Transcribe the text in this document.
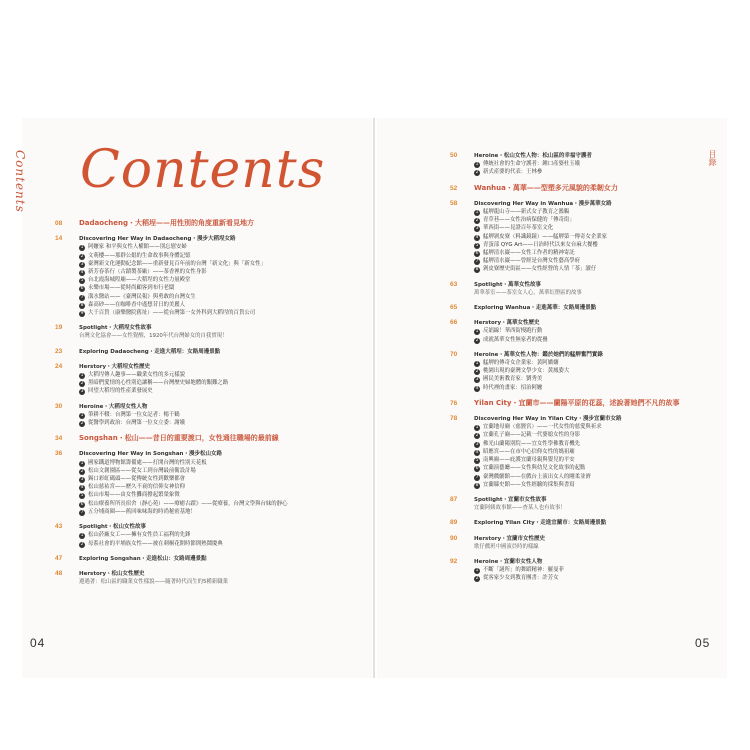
Contents	目錄
Contents
08	Dadaocheng・大稻埕——用性別的角度重新看見地方
14	Discovering Her Way in Dadaocheng・漫步大稻埕女路
1 阿嬤家 和平與女性人權館——別忘慰安婦
2 文萌樓——那群公娼的生命故事與身體記憶
3 臺灣新文化運動紀念館——重新發見百年前的台灣「新文化」與「新女性」
4 新芳春茶行（古蹟製茶廠）——茶香裡的女性身影
5 台北霞海城隍廟——大稻埕的女性力量殿堂
6 永樂市場——從時尚顧客到布行老闆
7 潢水醫站——《臺灣民報》與勇敢的台灣女生
8 森高砂——在咖啡香中遙想昔日的美麗人
9 大千百貨（康樂醫院舊址）——從台灣第一女外科到大稻埕的百貨公司
19	Spotlight・大稻埕女性故事
台灣文化協會——女性覺醒，1920年代台灣婦女的自我實現！
23	Exploring Dadaocheng・走進大稻埕：女路周邊景點
24	Herstory・大稻埕女性歷史
1 大稻埕傳人趣事——職業女性的多元樣貌
2 黑暗們愛情的心性別追讓稱——台灣歷史婦地體的艱難之路
3 回望大稻埕的性產業發展史
30	Heroine・大稻埕女性人物
1 筆耕不輟：台灣第一位女記者：楊千鶴
2 從醫學到政治：台灣第一位女立委：謝娥
34	Songshan・松山——昔日的重要渡口，女性通往職場的最前線
36	Discovering Her Way in Songshan・漫步松山女路
1 國家鐵道博物館籌備處——打開台灣的性別天花板
2 松山文創園區——從女工到台灣最前衛設計場
3 錫口彩虹碼頭——從傳統女性到歡樂都會
4 松山慈祐宮——歷久不衰的信仰女神信仰
5 松山市場——由女性攤商撐起繁榮象徵
6 松山療養所所長宿舍（靜心苑）——療癒古蹟》——從療養，台灣文學與台妹的靜心
7 五分埔商圈——舊回味味海的時尚秘密基地！
43	Spotlight・松山女性故事
1 松山菸廠女工——擁有女性員工福利的先鋒
2 母系社會的平埔族女性——被在刺桐花開時節開熱鬧慶典
47	Exploring Songshan・走進松山：女路周邊景點
48	Herstory・松山女性歷史
遵遇著：松山區的職業女性樣貌——隨著時代而生的5種新職業
50	Heroine・松山女性人物：松山區的幸福守護者
1 傳統社會的生命守護者：鍾口產婆杜玉娥
2 新式產婆的代表：王林參
52	Wanhua・萬華——型塑多元風貌的柔韌女力
58	Discovering Her Way in Wanhua・漫步萬華女路
1 艋舺龍山寺——新式女子教育之濫觴
2 青草巷——女性治病保健的「傳奇街」
3 華西街——見證百年茶室文化
4 艋舺剝皮寮（料識鏡鏡）——艋舺第一傳奇女企業家
5 青蛋部 QYG Art——日治時代以來女台麻大餐樓
6 艋舺清水巖——女性工作者的精神寄託
7 艋舺清水巖——曾經是台灣女性藝高學府
8 剝皮寮歷史街區——女性經營的人情「茶」讀仔
63	Spotlight・萬華女性故事
萬華茶室——茶室女人心，萬華紅燈區的故事
65	Exploring Wanhua・走進萬華：女路周邊景點
66	Herstory・萬華女性歷史
1 反娼線！華西街慢跑行動
2 成就萬華女性無家者的從疊
70	Heroine・萬華女性人物：鑑於她們的艋舺奮鬥實錄
1 艋舺的傳奇女企業家：黃阿嬌嬸
2 桃園出現的臺灣文學少女：黃鳳姿大
3 國民美術教育家：劉秀美
4 時代裡的畫家：招治阿嬤
76	Yilan City・宜蘭市——蘭陽平原的花蕊，述說著她們不凡的故事
78	Discovering Her Way in Yilan City・漫步宜蘭市女路
1 宜蘭地母廟（慈賢宮）——一代女性的慈愛與祈求
2 宜蘭孔子廟——記載一代婆媳女性的身影
3 佛光山蘭陽別院——宜女性學佛教育機先
4 昭應宮——在市中心信仰女性的媽祖廟
5 南興廟——庇護宜蘭母親與嬰兒的平安
6 宜蘭演藝廳——女性與幼兒文化故事的起點
7 臺灣戲劇館——在戲台上演出女人的剛柔並濟
8 宜蘭縣史館——女性經驗的採集與書寫
87	Spotlight・宜蘭市女性故事
宜蘭阿姨故事館——查某人也有故事！
89	Exploring Yilan City・走進宜蘭市：女路周邊景點
90	Herstory・宜蘭市女性歷史
歌仔戲班中國演員時的樣線
92	Heroine・宜蘭市女性人物
1 不斷「謎所」的舞蹈精神：羅曼菲
2 從客家少女到教育團書：許芳女
04	05
